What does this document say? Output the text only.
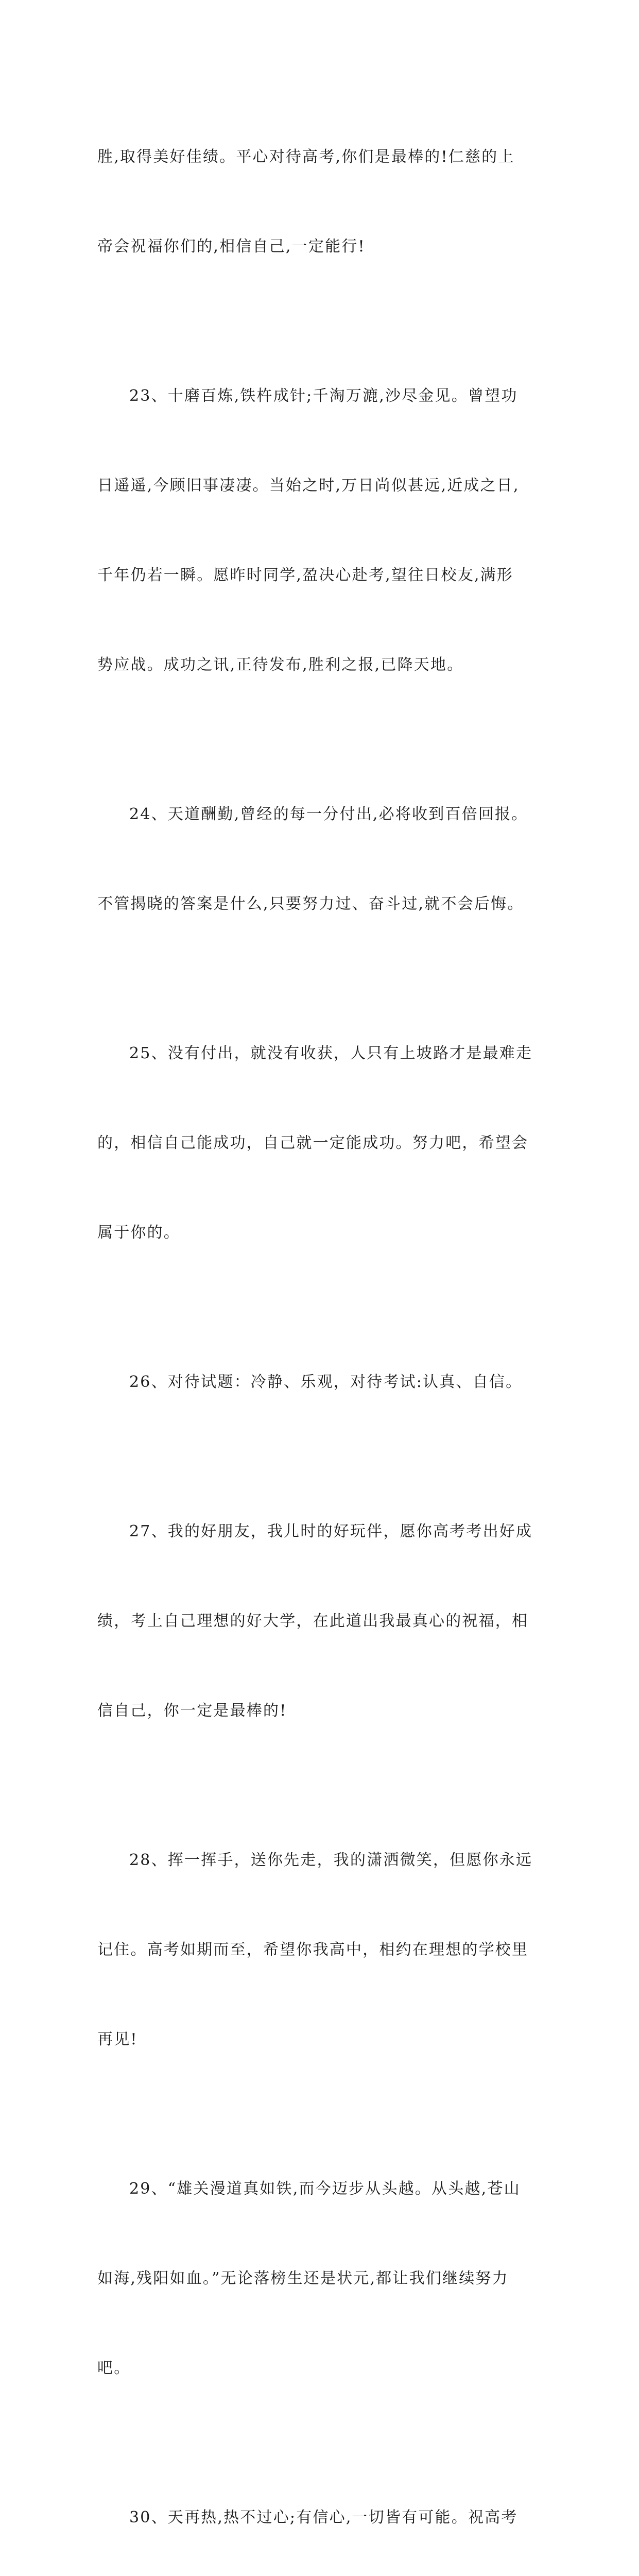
胜,取得美好佳绩。平心对待高考,你们是最棒的!仁慈的上

帝会祝福你们的,相信自己,一定能行!

23、十磨百炼,铁杵成针;千淘万漉,沙尽金见。曾望功

日遥遥,今顾旧事凄凄。当始之时,万日尚似甚远,近成之日,

千年仍若一瞬。愿昨时同学,盈决心赴考,望往日校友,满形

势应战。成功之讯,正待发布,胜利之报,已降天地。

24、天道酬勤,曾经的每一分付出,必将收到百倍回报。

不管揭晓的答案是什么,只要努力过、奋斗过,就不会后悔。

25、没有付出，就没有收获，人只有上坡路才是最难走

的，相信自己能成功，自己就一定能成功。努力吧，希望会

属于你的。

26、对待试题：冷静、乐观，对待考试:认真、自信。

27、我的好朋友，我儿时的好玩伴，愿你高考考出好成

绩，考上自己理想的好大学，在此道出我最真心的祝福，相

信自己，你一定是最棒的!

28、挥一挥手，送你先走，我的潇洒微笑，但愿你永远

记住。高考如期而至，希望你我高中，相约在理想的学校里

再见!

29、“雄关漫道真如铁,而今迈步从头越。从头越,苍山

如海,残阳如血。”无论落榜生还是状元,都让我们继续努力

吧。

30、天再热,热不过心;有信心,一切皆有可能。祝高考
